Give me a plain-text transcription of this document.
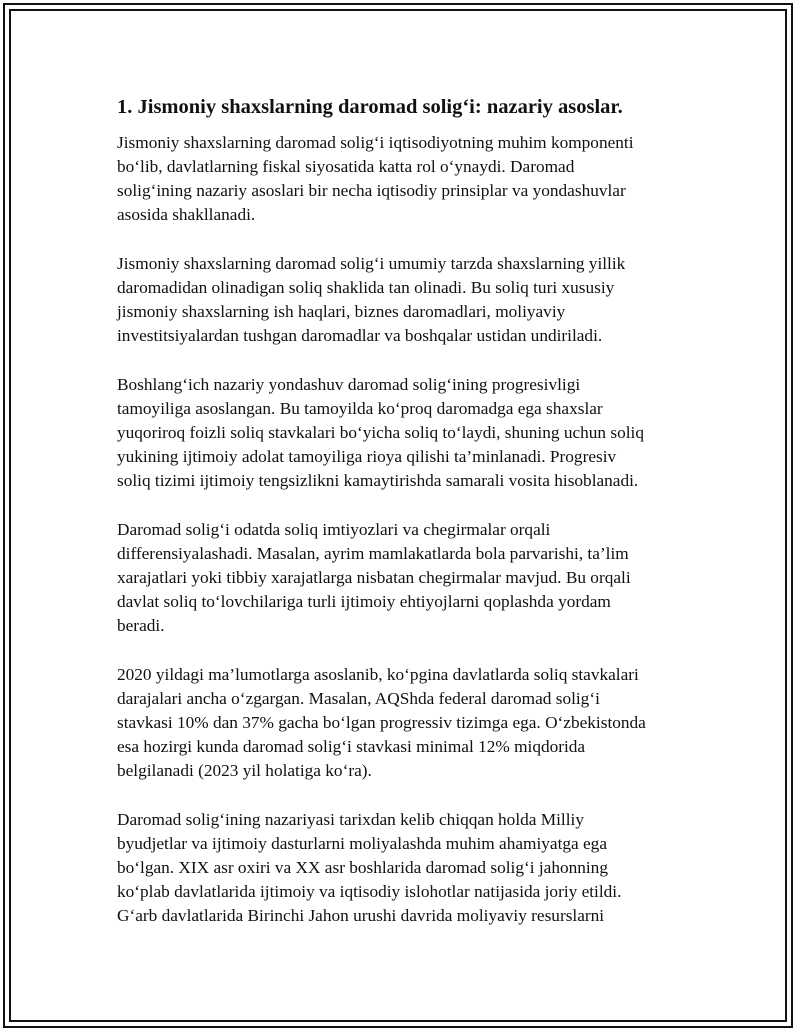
1. Jismoniy shaxslarning daromad solig‘i: nazariy asoslar.
Jismoniy shaxslarning daromad solig‘i iqtisodiyotning muhim komponenti
bo‘lib, davlatlarning fiskal siyosatida katta rol o‘ynaydi. Daromad
solig‘ining nazariy asoslari bir necha iqtisodiy prinsiplar va yondashuvlar
asosida shakllanadi.
Jismoniy shaxslarning daromad solig‘i umumiy tarzda shaxslarning yillik
daromadidan olinadigan soliq shaklida tan olinadi. Bu soliq turi xususiy
jismoniy shaxslarning ish haqlari, biznes daromadlari, moliyaviy
investitsiyalardan tushgan daromadlar va boshqalar ustidan undiriladi.
Boshlang‘ich nazariy yondashuv daromad solig‘ining progresivligi
tamoyiliga asoslangan. Bu tamoyilda ko‘proq daromadga ega shaxslar
yuqoriroq foizli soliq stavkalari bo‘yicha soliq to‘laydi, shuning uchun soliq
yukining ijtimoiy adolat tamoyiliga rioya qilishi ta’minlanadi. Progresiv
soliq tizimi ijtimoiy tengsizlikni kamaytirishda samarali vosita hisoblanadi.
Daromad solig‘i odatda soliq imtiyozlari va chegirmalar orqali
differensiyalashadi. Masalan, ayrim mamlakatlarda bola parvarishi, ta’lim
xarajatlari yoki tibbiy xarajatlarga nisbatan chegirmalar mavjud. Bu orqali
davlat soliq to‘lovchilariga turli ijtimoiy ehtiyojlarni qoplashda yordam
beradi.
2020 yildagi ma’lumotlarga asoslanib, ko‘pgina davlatlarda soliq stavkalari
darajalari ancha o‘zgargan. Masalan, AQShda federal daromad solig‘i
stavkasi 10% dan 37% gacha bo‘lgan progressiv tizimga ega. O‘zbekistonda
esa hozirgi kunda daromad solig‘i stavkasi minimal 12% miqdorida
belgilanadi (2023 yil holatiga ko‘ra).
Daromad solig‘ining nazariyasi tarixdan kelib chiqqan holda Milliy
byudjetlar va ijtimoiy dasturlarni moliyalashda muhim ahamiyatga ega
bo‘lgan. XIX asr oxiri va XX asr boshlarida daromad solig‘i jahonning
ko‘plab davlatlarida ijtimoiy va iqtisodiy islohotlar natijasida joriy etildi.
G‘arb davlatlarida Birinchi Jahon urushi davrida moliyaviy resurslarni
